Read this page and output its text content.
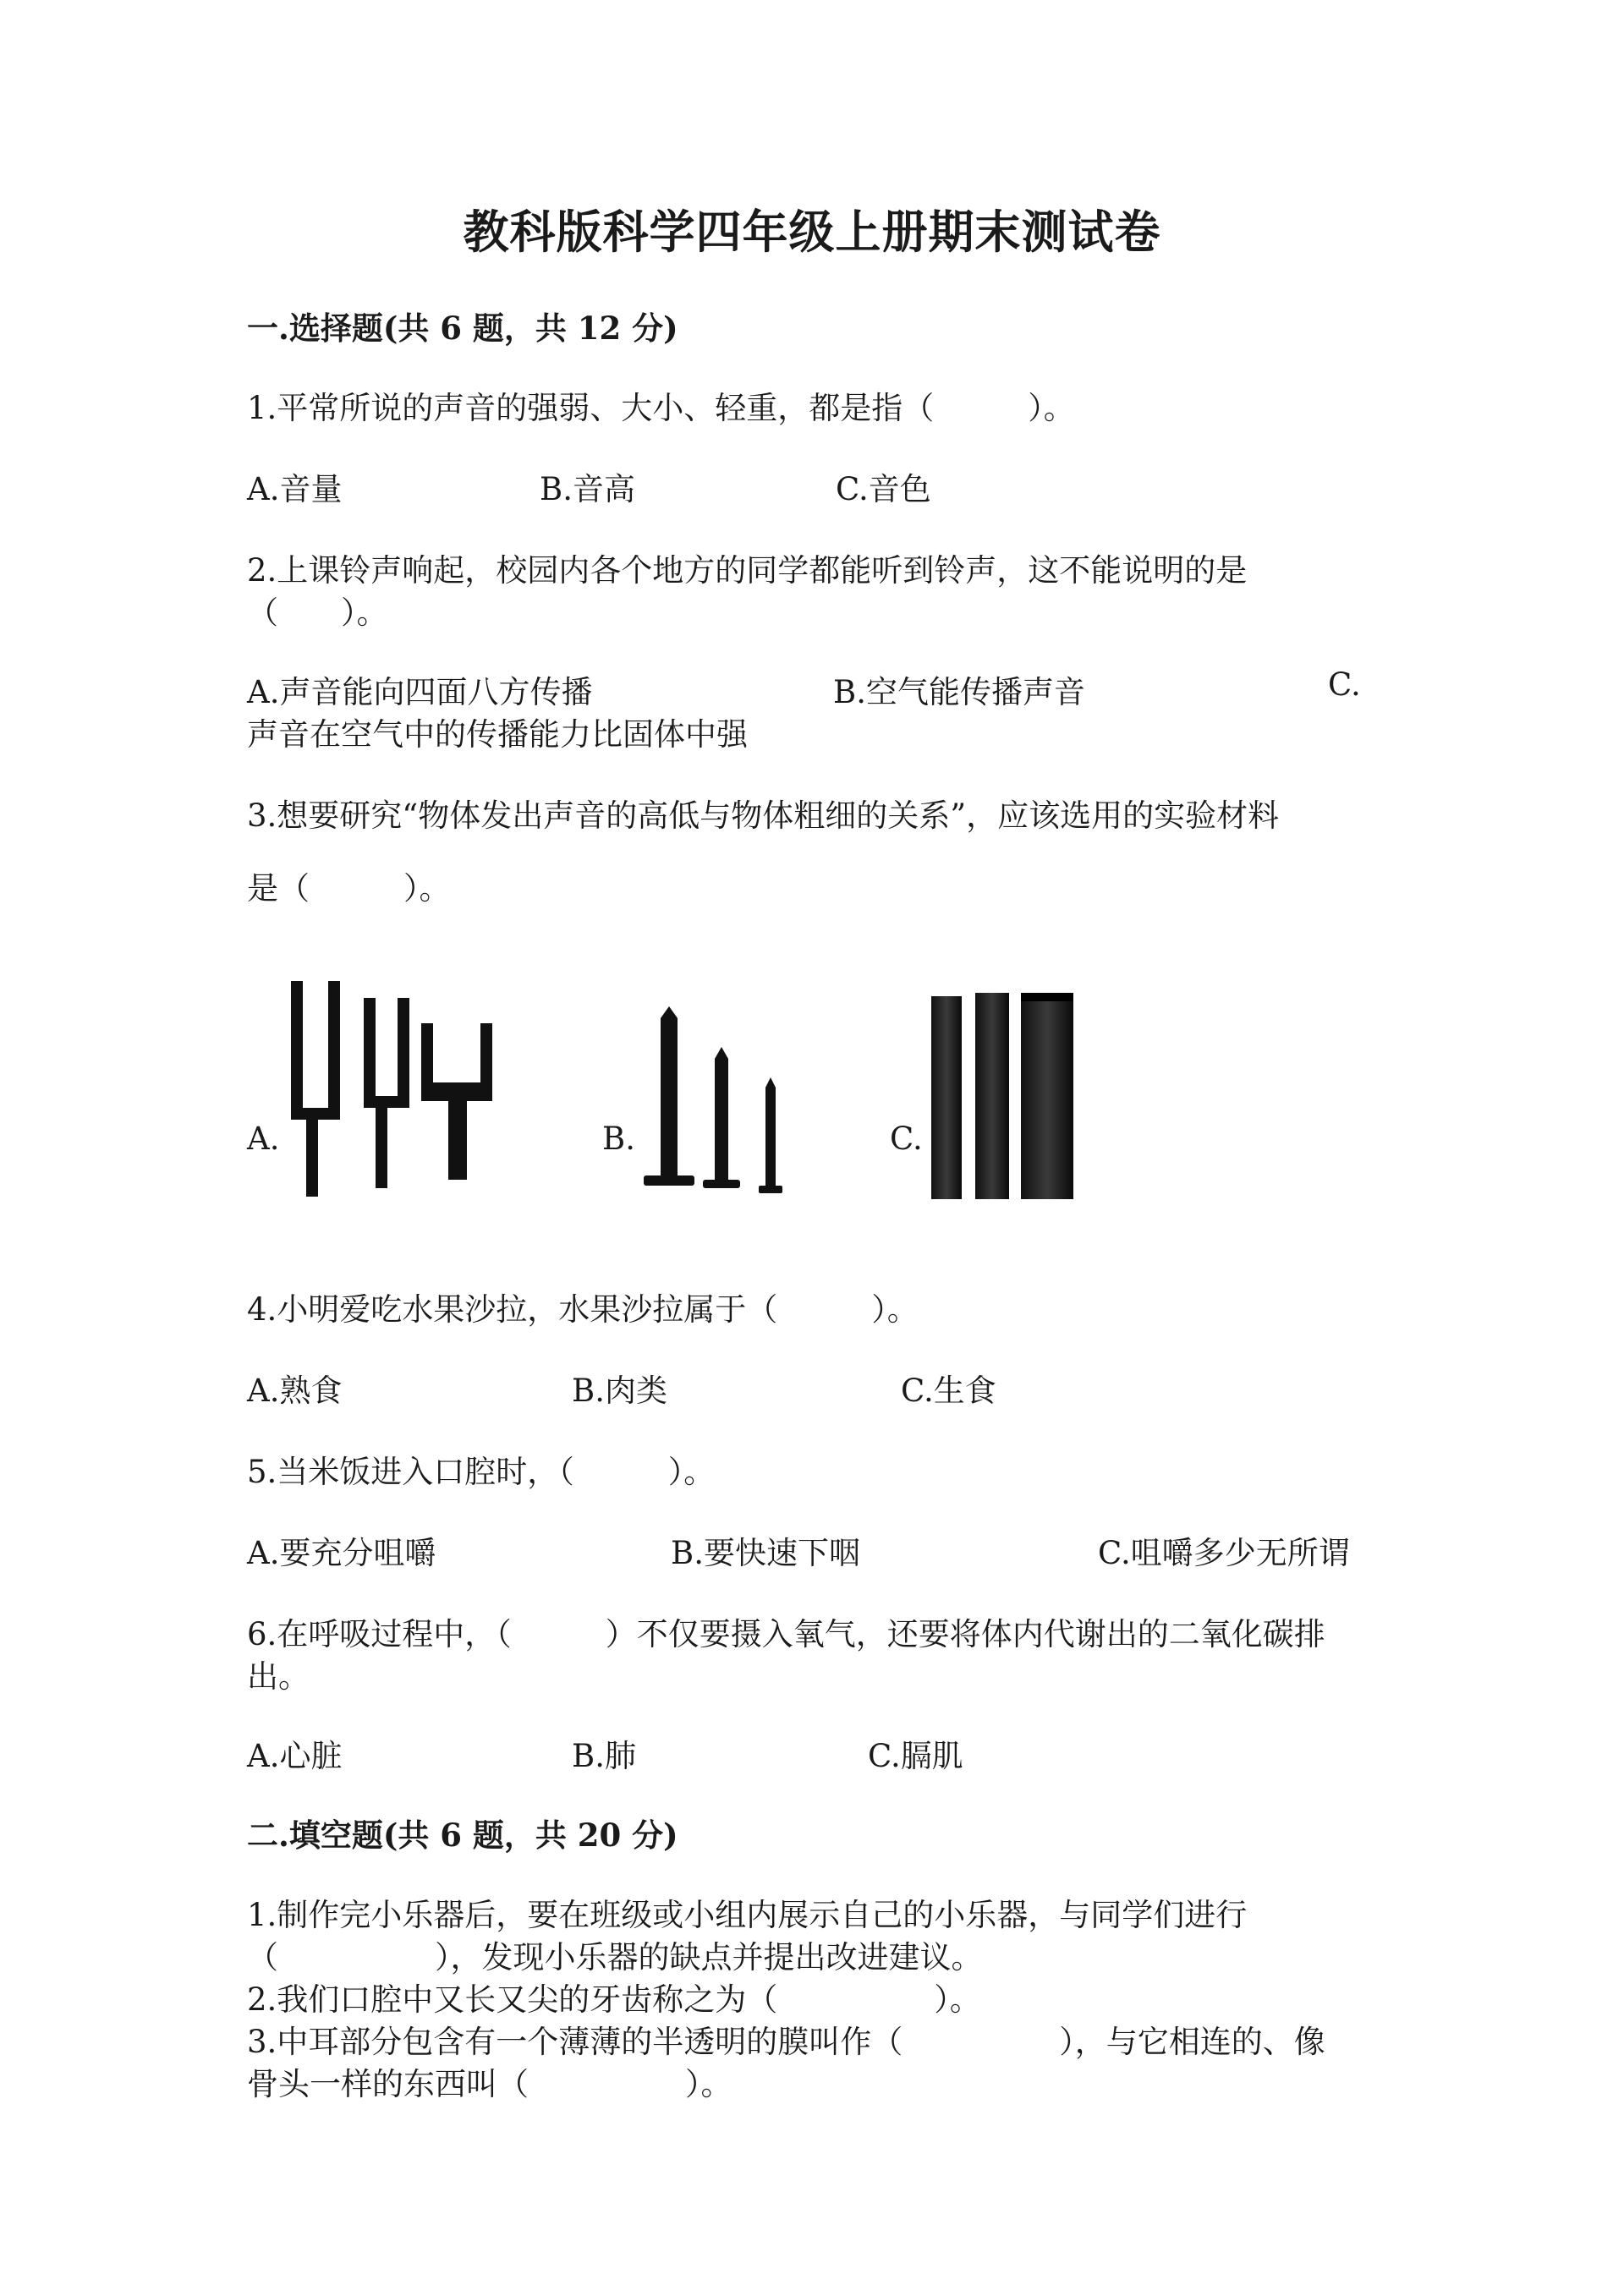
教科版科学四年级上册期末测试卷
一.选择题(共 6 题，共 12 分)
1.平常所说的声音的强弱、大小、轻重，都是指（　　　）。
A.音量	B.音高	C.音色
2.上课铃声响起，校园内各个地方的同学都能听到铃声，这不能说明的是
（　　）。
A.声音能向四面八方传播	B.空气能传播声音	C.
声音在空气中的传播能力比固体中强
3.想要研究“物体发出声音的高低与物体粗细的关系”，应该选用的实验材料
是（　　　）。
A.	B.	C.
4.小明爱吃水果沙拉，水果沙拉属于（　　　）。
A.熟食	B.肉类	C.生食
5.当米饭进入口腔时，（　　　）。
A.要充分咀嚼	B.要快速下咽	C.咀嚼多少无所谓
6.在呼吸过程中，（　　　）不仅要摄入氧气，还要将体内代谢出的二氧化碳排
出。
A.心脏	B.肺	C.膈肌
二.填空题(共 6 题，共 20 分)
1.制作完小乐器后，要在班级或小组内展示自己的小乐器，与同学们进行
（　　　　　），发现小乐器的缺点并提出改进建议。
2.我们口腔中又长又尖的牙齿称之为（　　　　　）。
3.中耳部分包含有一个薄薄的半透明的膜叫作（　　　　　），与它相连的、像
骨头一样的东西叫（　　　　　）。
